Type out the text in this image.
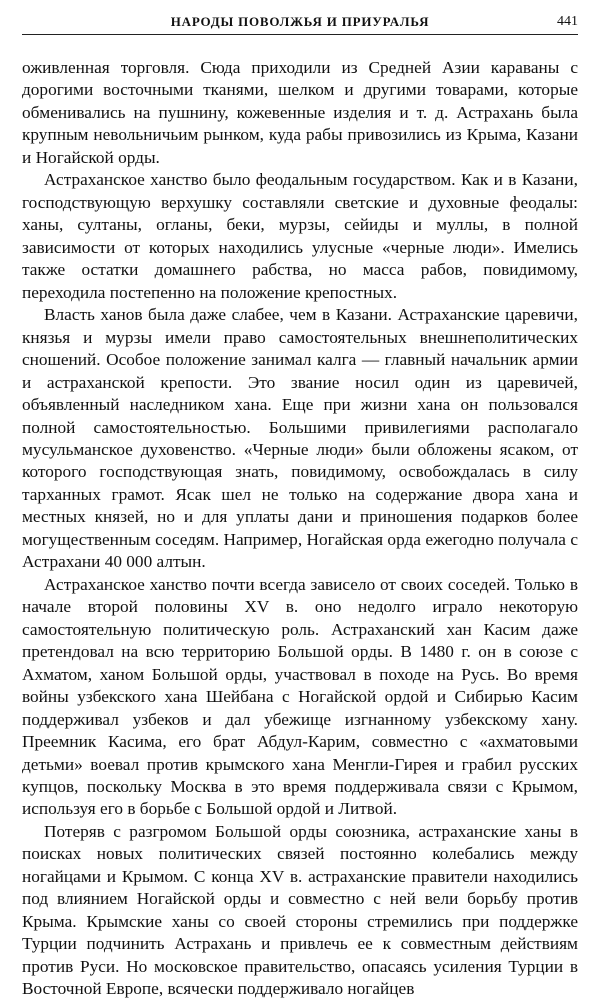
НАРОДЫ ПОВОЛЖЬЯ И ПРИУРАЛЬЯ	441

оживленная торговля. Сюда приходили из Средней Азии караваны с дорогими восточными тканями, шелком и другими товарами, которые обменивались на пушнину, кожевенные изделия и т. д. Астрахань была крупным невольничьим рынком, куда рабы привозились из Крыма, Казани и Ногайской орды.

Астраханское ханство было феодальным государством. Как и в Казани, господствующую верхушку составляли светские и духовные феодалы: ханы, султаны, огланы, беки, мурзы, сейиды и муллы, в полной зависимости от которых находились улусные «черные люди». Имелись также остатки домашнего рабства, но масса рабов, повидимому, переходила постепенно на положение крепостных.

Власть ханов была даже слабее, чем в Казани. Астраханские царевичи, князья и мурзы имели право самостоятельных внешнеполитических сношений. Особое положение занимал калга — главный начальник армии и астраханской крепости. Это звание носил один из царевичей, объявленный наследником хана. Еще при жизни хана он пользовался полной самостоятельностью. Большими привилегиями располагало мусульманское духовенство. «Черные люди» были обложены ясаком, от которого господствующая знать, повидимому, освобождалась в силу тарханных грамот. Ясак шел не только на содержание двора хана и местных князей, но и для уплаты дани и приношения подарков более могущественным соседям. Например, Ногайская орда ежегодно получала с Астрахани 40 000 алтын.

Астраханское ханство почти всегда зависело от своих соседей. Только в начале второй половины XV в. оно недолго играло некоторую самостоятельную политическую роль. Астраханский хан Касим даже претендовал на всю территорию Большой орды. В 1480 г. он в союзе с Ахматом, ханом Большой орды, участвовал в походе на Русь. Во время войны узбекского хана Шейбана с Ногайской ордой и Сибирью Касим поддерживал узбеков и дал убежище изгнанному узбекскому хану. Преемник Касима, его брат Абдул-Карим, совместно с «ахматовыми детьми» воевал против крымского хана Менгли-Гирея и грабил русских купцов, поскольку Москва в это время поддерживала связи с Крымом, используя его в борьбе с Большой ордой и Литвой.

Потеряв с разгромом Большой орды союзника, астраханские ханы в поисках новых политических связей постоянно колебались между ногайцами и Крымом. С конца XV в. астраханские правители находились под влиянием Ногайской орды и совместно с ней вели борьбу против Крыма. Крымские ханы со своей стороны стремились при поддержке Турции подчинить Астрахань и привлечь ее к совместным действиям против Руси. Но московское правительство, опасаясь усиления Турции в Восточной Европе, всячески поддерживало ногайцев
